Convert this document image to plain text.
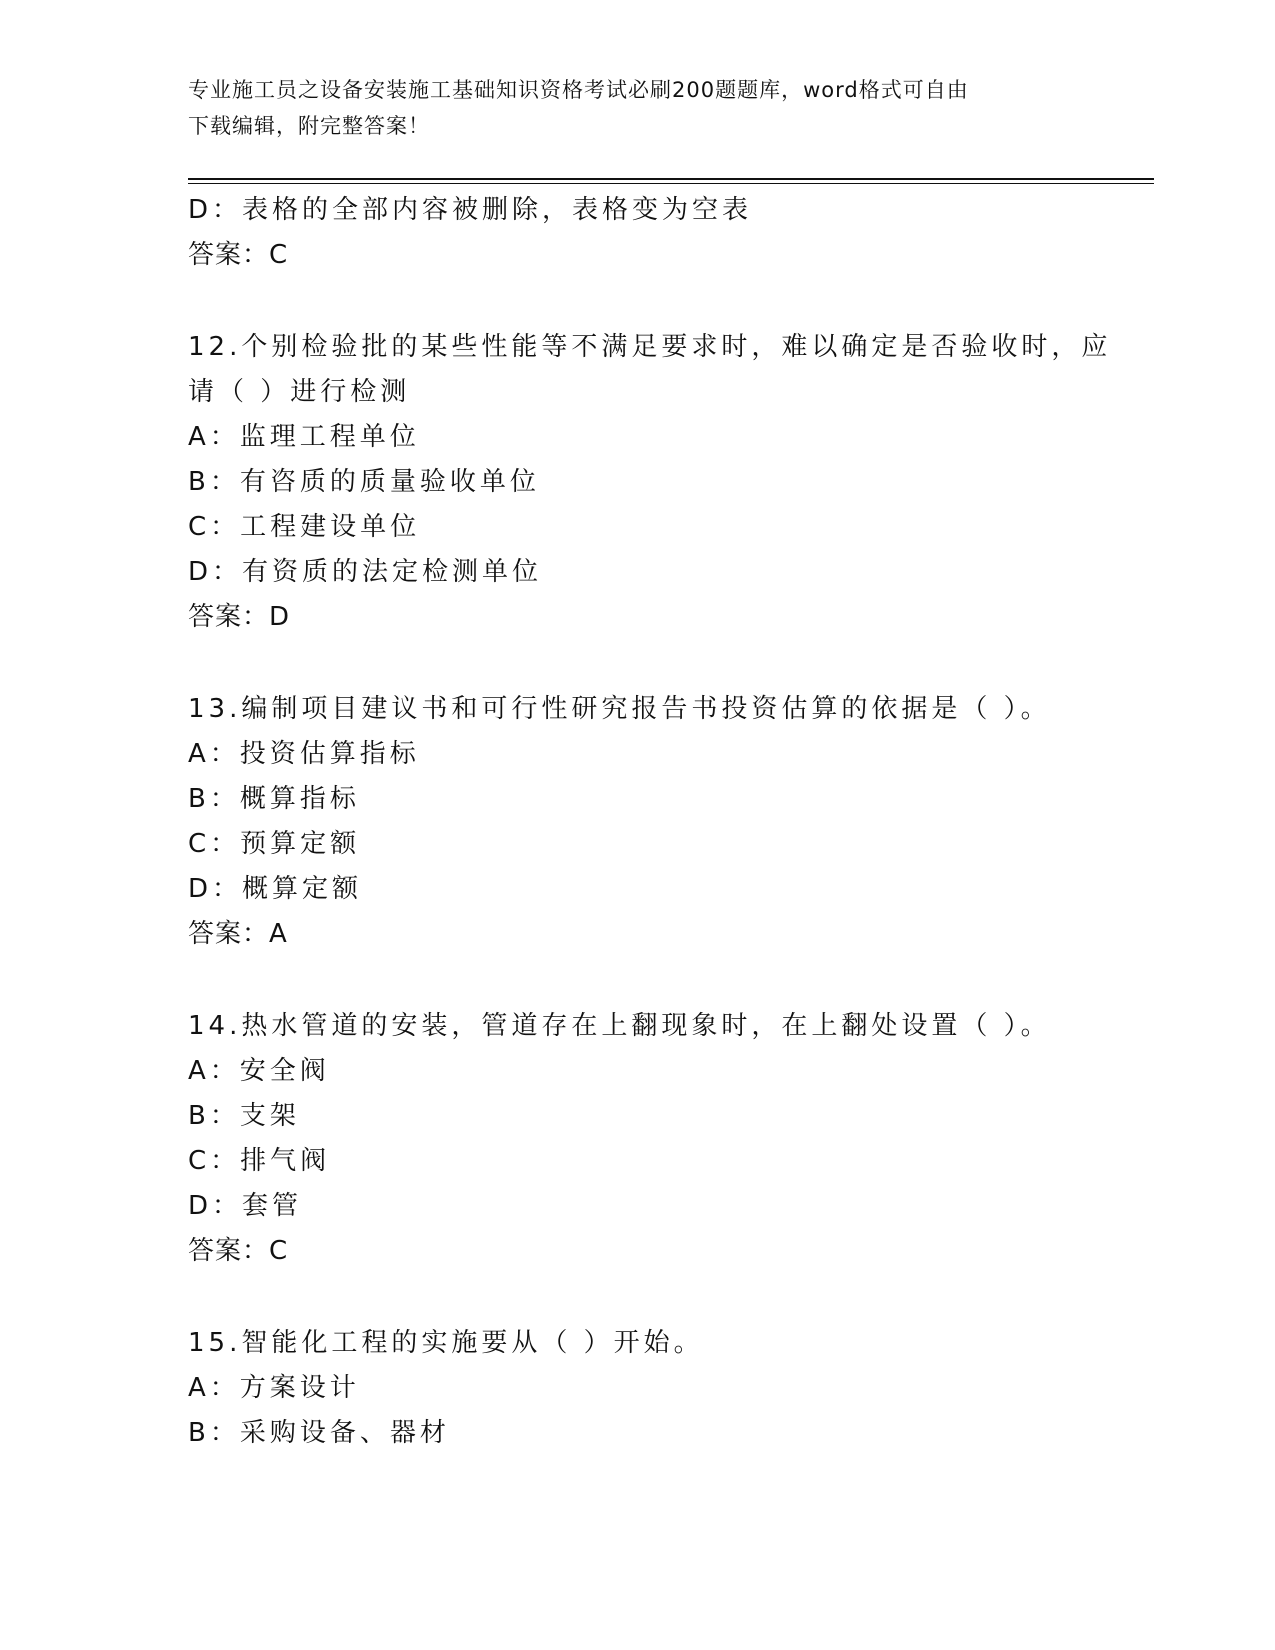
专业施工员之设备安装施工基础知识资格考试必刷200题题库，word格式可自由
下载编辑，附完整答案！
D：表格的全部内容被删除，表格变为空表
答案：C
12.个别检验批的某些性能等不满足要求时，难以确定是否验收时，应
请（ ）进行检测
A：监理工程单位
B：有咨质的质量验收单位
C：工程建设单位
D：有资质的法定检测单位
答案：D
13.编制项目建议书和可行性研究报告书投资估算的依据是（ ）。
A：投资估算指标
B：概算指标
C：预算定额
D：概算定额
答案：A
14.热水管道的安装，管道存在上翻现象时，在上翻处设置（ ）。
A：安全阀
B：支架
C：排气阀
D：套管
答案：C
15.智能化工程的实施要从（ ）开始。
A：方案设计
B：采购设备、器材
